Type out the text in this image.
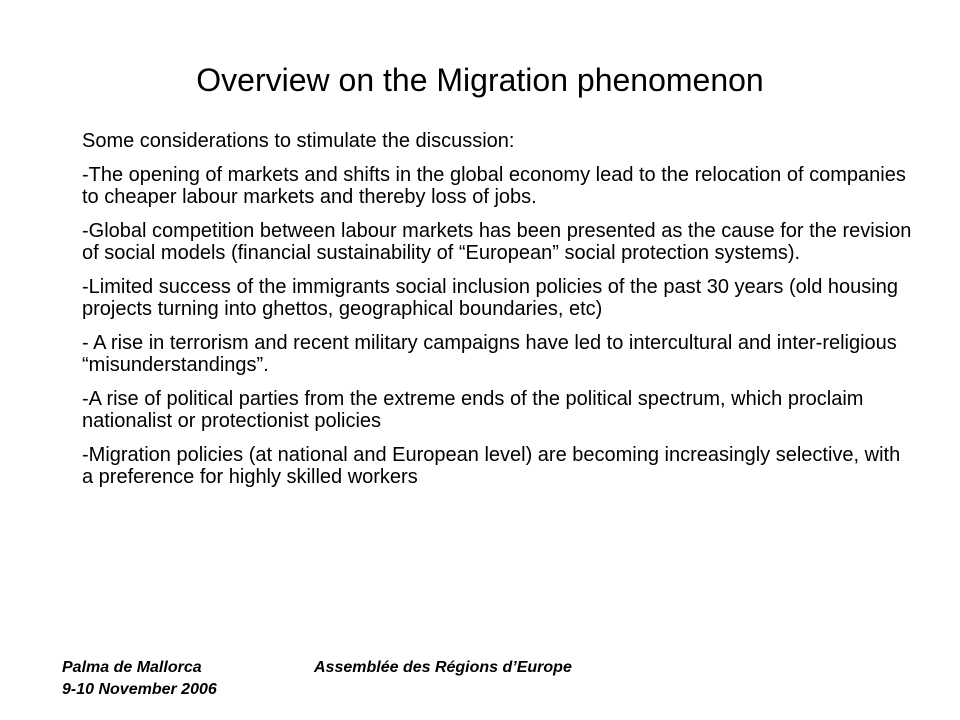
Overview on the Migration phenomenon

Some considerations to stimulate the discussion:

-The opening of markets and shifts in the global economy lead to the relocation of companies to cheaper labour markets and thereby loss of jobs.

-Global competition between labour markets has been presented as the cause for the revision of social models (financial sustainability of “European” social protection systems).

-Limited success of the immigrants social inclusion policies of the past 30 years (old housing projects turning into ghettos, geographical boundaries, etc)

- A rise in terrorism and recent military campaigns have led to intercultural and inter-religious “misunderstandings”.

-A rise of political parties from the extreme ends of the political spectrum, which proclaim nationalist or protectionist policies

-Migration policies (at national and European level) are becoming increasingly selective, with a preference for highly skilled workers

Palma de Mallorca
9-10 November 2006
Assemblée des Régions d’Europe
